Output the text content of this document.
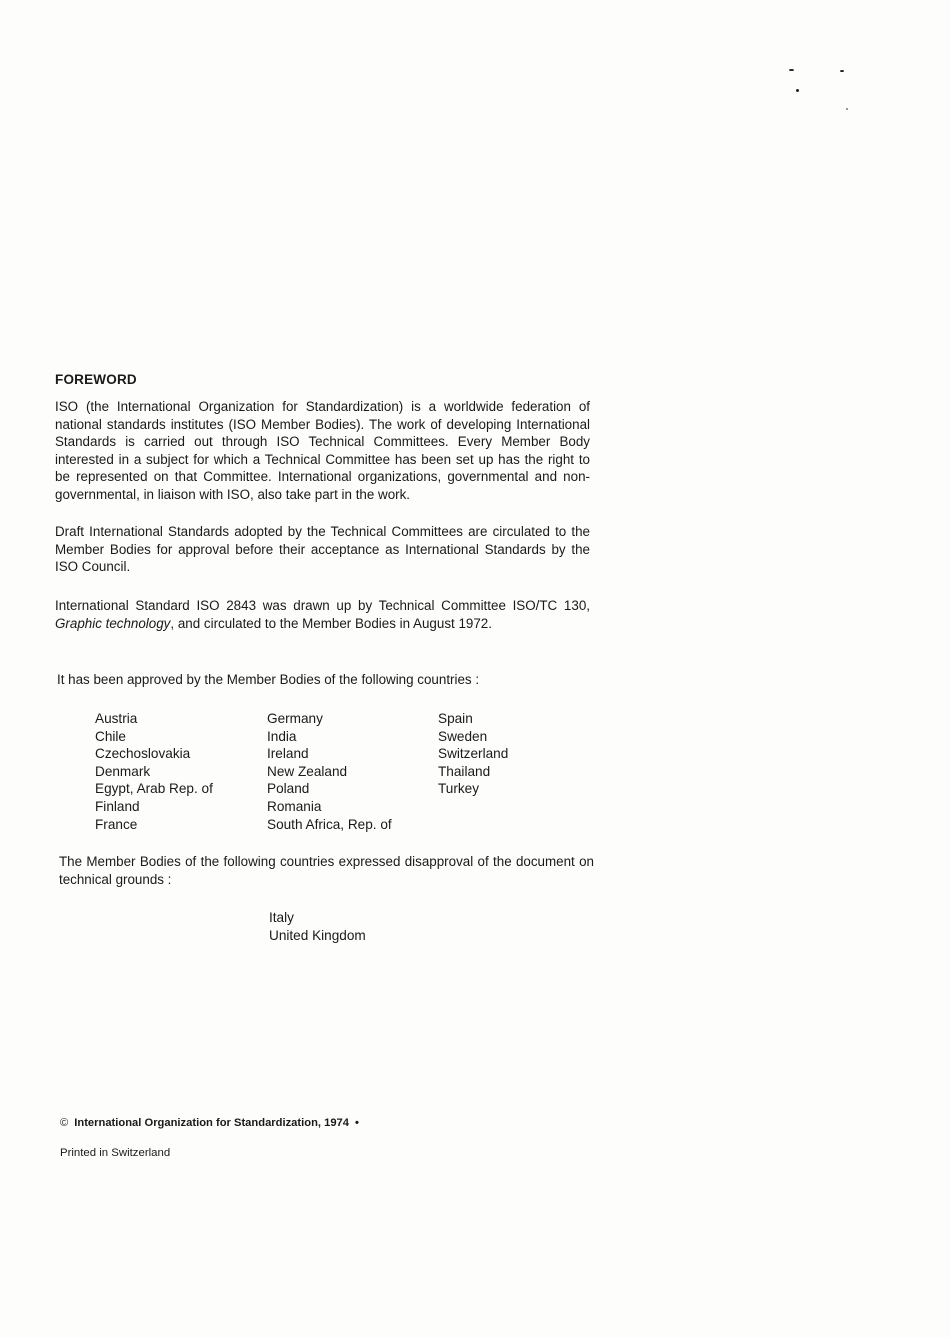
FOREWORD

ISO (the International Organization for Standardization) is a worldwide federation of national standards institutes (ISO Member Bodies). The work of developing International Standards is carried out through ISO Technical Committees. Every Member Body interested in a subject for which a Technical Committee has been set up has the right to be represented on that Committee. International organizations, governmental and non-governmental, in liaison with ISO, also take part in the work.

Draft International Standards adopted by the Technical Committees are circulated to the Member Bodies for approval before their acceptance as International Standards by the ISO Council.

International Standard ISO 2843 was drawn up by Technical Committee ISO/TC 130, Graphic technology, and circulated to the Member Bodies in August 1972.

It has been approved by the Member Bodies of the following countries :

Austria
Chile
Czechoslovakia
Denmark
Egypt, Arab Rep. of
Finland
France
Germany
India
Ireland
New Zealand
Poland
Romania
South Africa, Rep. of
Spain
Sweden
Switzerland
Thailand
Turkey

The Member Bodies of the following countries expressed disapproval of the document on technical grounds :

Italy
United Kingdom
© International Organization for Standardization, 1974 •
Printed in Switzerland
